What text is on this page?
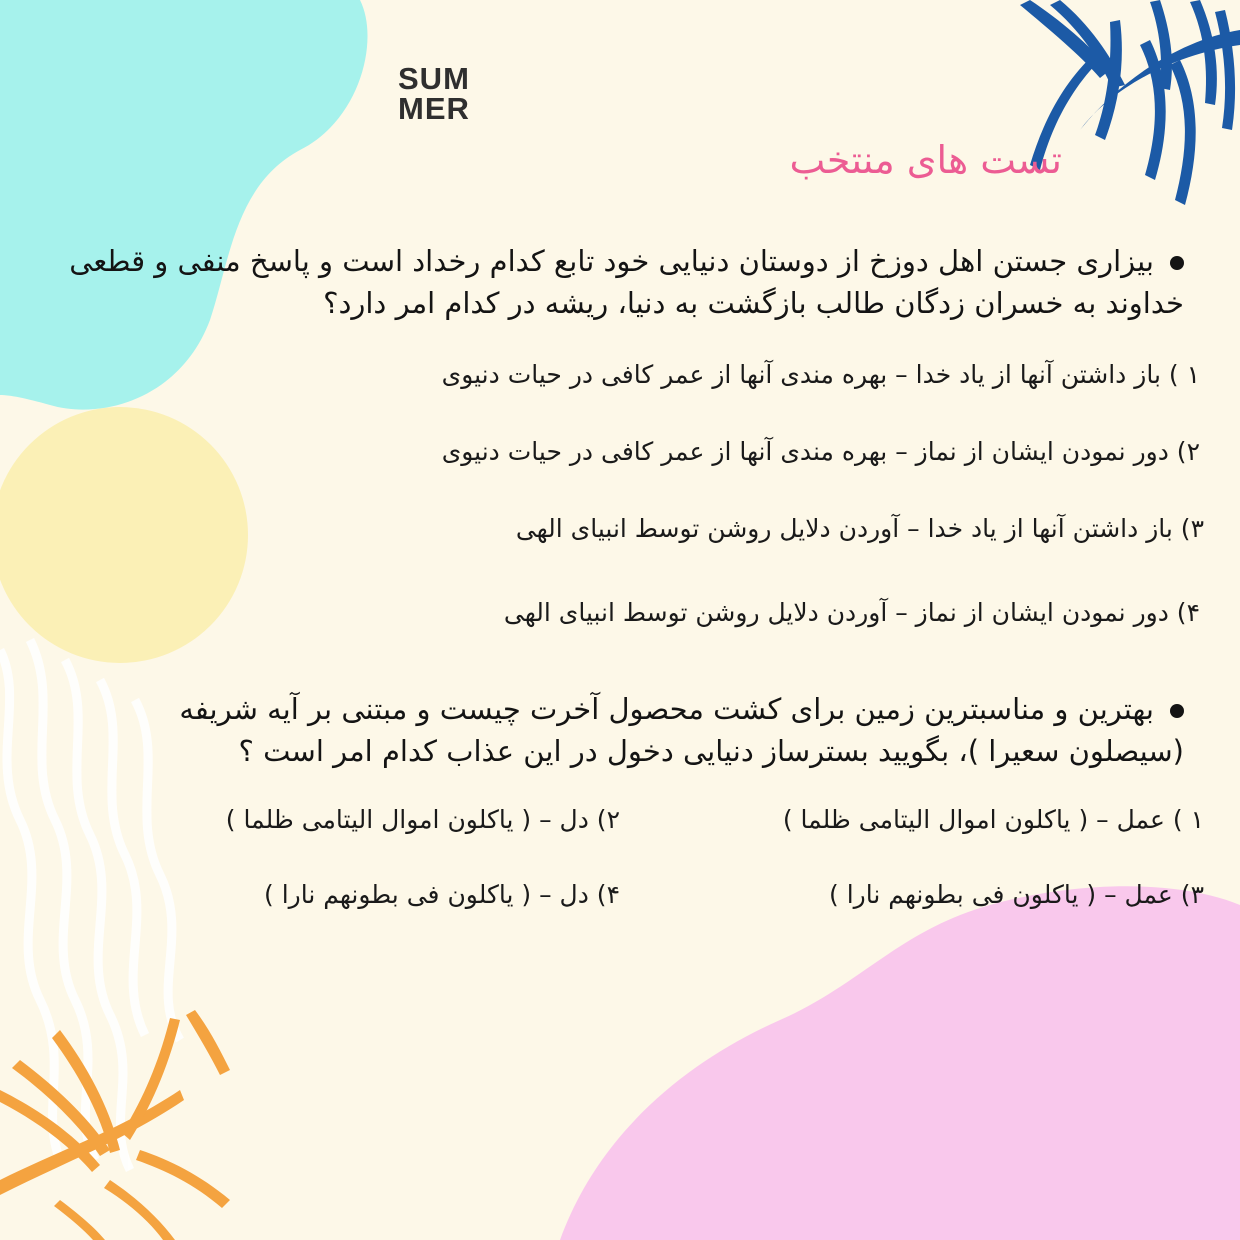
SUM
MER
تست های منتخب
بیزاری جستن اهل دوزخ از دوستان دنیایی خود تابع کدام رخداد است و پاسخ منفی و قطعی خداوند به خسران زدگان طالب بازگشت به دنیا، ریشه در کدام امر دارد؟
۱ ) باز داشتن آنها از یاد خدا – بهره مندی آنها از عمر کافی در حیات دنیوی
۲) دور نمودن ایشان از نماز – بهره مندی آنها از عمر کافی در حیات دنیوی
۳) باز داشتن آنها از یاد خدا – آوردن دلایل روشن توسط انبیای الهی
۴) دور نمودن ایشان از نماز – آوردن دلایل روشن توسط انبیای الهی
بهترین و مناسبترین زمین برای کشت محصول آخرت چیست و مبتنی بر آیه شریفه (سیصلون سعیرا )، بگویید بسترساز دنیایی دخول در این عذاب کدام امر است ؟
۱ ) عمل – ( یاکلون اموال الیتامی ظلما )
۲) دل – ( یاکلون اموال الیتامی ظلما )
۳) عمل – ( یاکلون فی بطونهم نارا )
۴) دل – ( یاکلون فی بطونهم نارا )
